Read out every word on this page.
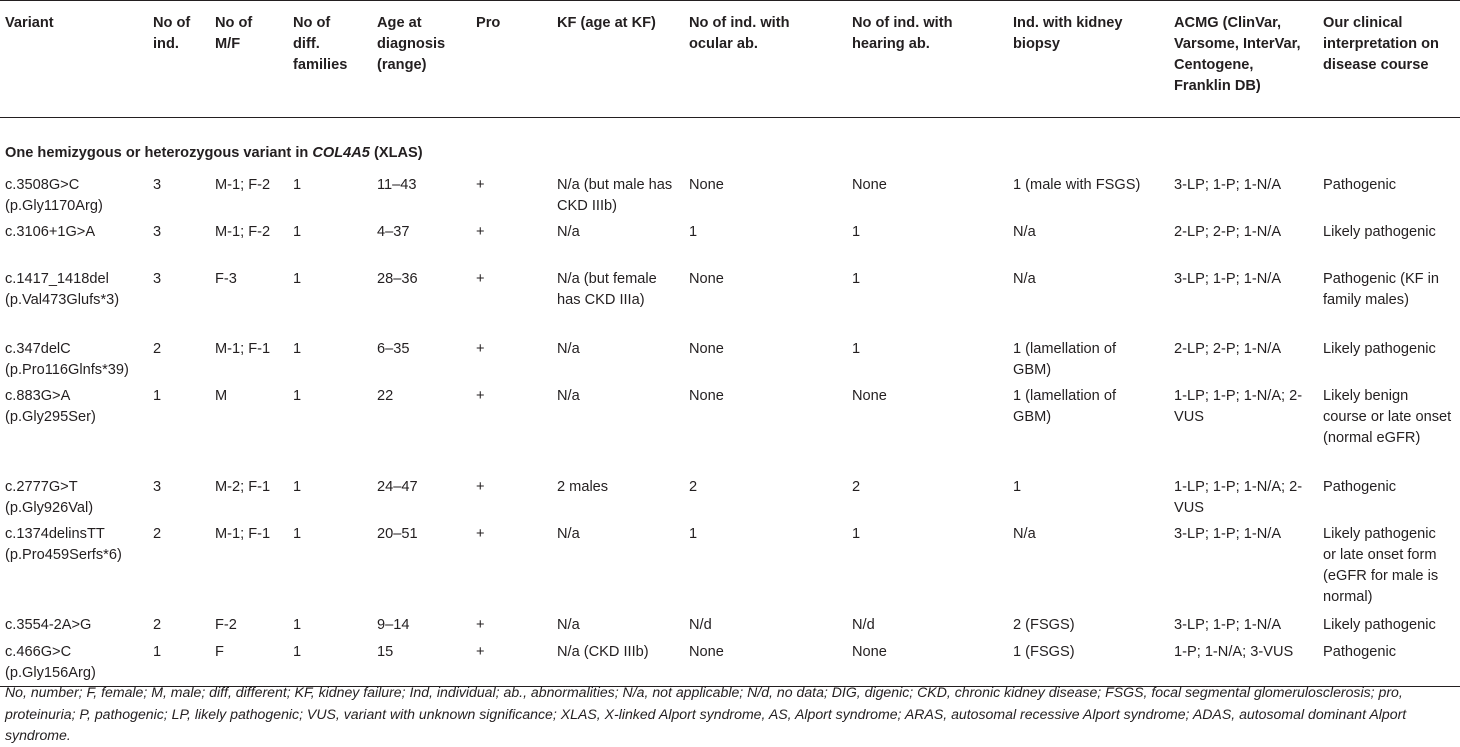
Variant	No of ind.	No of M/F	No of diff. families	Age at diagnosis (range)	Pro	KF (age at KF)	No of ind. with ocular ab.	No of ind. with hearing ab.	Ind. with kidney biopsy	ACMG (ClinVar, Varsome, InterVar, Centogene, Franklin DB)	Our clinical interpretation on disease course
One hemizygous or heterozygous variant in COL4A5 (XLAS)											
c.3508G>C (p.Gly1170Arg)	3	M-1; F-2	1	11–43	+	N/a (but male has CKD IIIb)	None	None	1 (male with FSGS)	3-LP; 1-P; 1-N/A	Pathogenic
c.3106+1G>A	3	M-1; F-2	1	4–37	+	N/a	1	1	N/a	2-LP; 2-P; 1-N/A	Likely pathogenic
c.1417_1418del (p.Val473Glufs*3)	3	F-3	1	28–36	+	N/a (but female has CKD IIIa)	None	1	N/a	3-LP; 1-P; 1-N/A	Pathogenic (KF in family males)
c.347delC (p.Pro116Glnfs*39)	2	M-1; F-1	1	6–35	+	N/a	None	1	1 (lamellation of GBM)	2-LP; 2-P; 1-N/A	Likely pathogenic
c.883G>A (p.Gly295Ser)	1	M	1	22	+	N/a	None	None	1 (lamellation of GBM)	1-LP; 1-P; 1-N/A; 2-VUS	Likely benign course or late onset (normal eGFR)
c.2777G>T (p.Gly926Val)	3	M-2; F-1	1	24–47	+	2 males	2	2	1	1-LP; 1-P; 1-N/A; 2-VUS	Pathogenic
c.1374delinsTT (p.Pro459Serfs*6)	2	M-1; F-1	1	20–51	+	N/a	1	1	N/a	3-LP; 1-P; 1-N/A	Likely pathogenic or late onset form (eGFR for male is normal)
c.3554-2A>G	2	F-2	1	9–14	+	N/a	N/d	N/d	2 (FSGS)	3-LP; 1-P; 1-N/A	Likely pathogenic
c.466G>C (p.Gly156Arg)	1	F	1	15	+	N/a (CKD IIIb)	None	None	1 (FSGS)	1-P; 1-N/A; 3-VUS	Pathogenic
No, number; F, female; M, male; diff, different; KF, kidney failure; Ind, individual; ab., abnormalities; N/a, not applicable; N/d, no data; DIG, digenic; CKD, chronic kidney disease; FSGS, focal segmental glomerulosclerosis; pro, proteinuria; P, pathogenic; LP, likely pathogenic; VUS, variant with unknown significance; XLAS, X-linked Alport syndrome, AS, Alport syndrome; ARAS, autosomal recessive Alport syndrome; ADAS, autosomal dominant Alport syndrome.
